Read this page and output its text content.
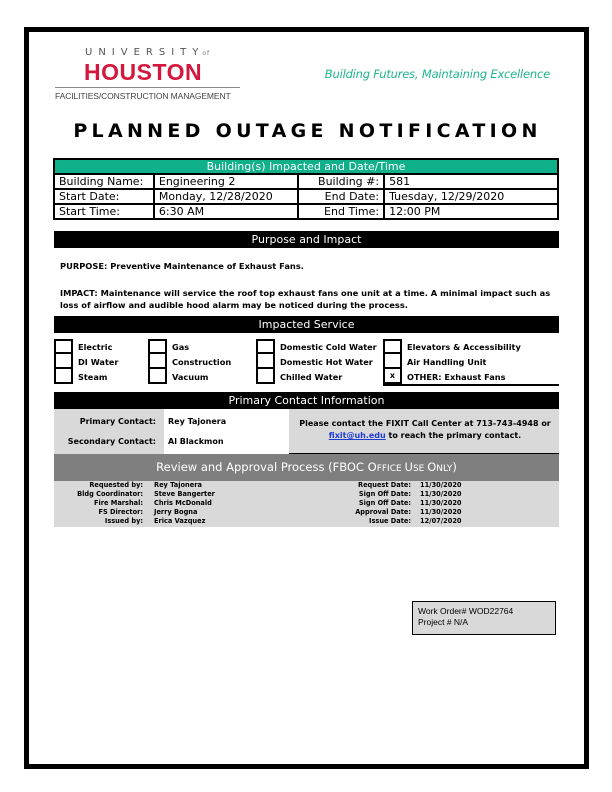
UNIVERSITYof
HOUSTON
FACILITIES/CONSTRUCTION MANAGEMENT
Building Futures, Maintaining Excellence
PLANNED OUTAGE NOTIFICATION
Building(s) Impacted and Date/Time			
Building Name:	Engineering 2	Building #:	581
Start Date:	Monday, 12/28/2020	End Date:	Tuesday, 12/29/2020
Start Time:	6:30 AM	End Time:	12:00 PM
Purpose and Impact
PURPOSE: Preventive Maintenance of Exhaust Fans.
IMPACT: Maintenance will service the roof top exhaust fans one unit at a time. A minimal impact such as loss of airflow and audible hood alarm may be noticed during the process.
Impacted Service
Electric
DI Water
Steam
Gas
Construction
Vacuum
Domestic Cold Water
Domestic Hot Water
Chilled Water
Elevators & Accessibility
Air Handling Unit
x	OTHER: Exhaust Fans
Primary Contact Information
Primary Contact: Rey Tajonera
Secondary Contact: Al Blackmon
Please contact the FIXIT Call Center at 713-743-4948 or
fixit@uh.edu to reach the primary contact.
Review and Approval Process (FBOC OFFICE USE ONLY)
Requested by: Rey Tajonera	Request Date: 11/30/2020
Bldg Coordinator: Steve Bangerter	Sign Off Date: 11/30/2020
Fire Marshal: Chris McDonald	Sign Off Date: 11/30/2020
FS Director: Jerry Bogna	Approval Date: 11/30/2020
Issued by: Erica Vazquez	Issue Date: 12/07/2020
Work Order# WOD22764
Project # N/A
